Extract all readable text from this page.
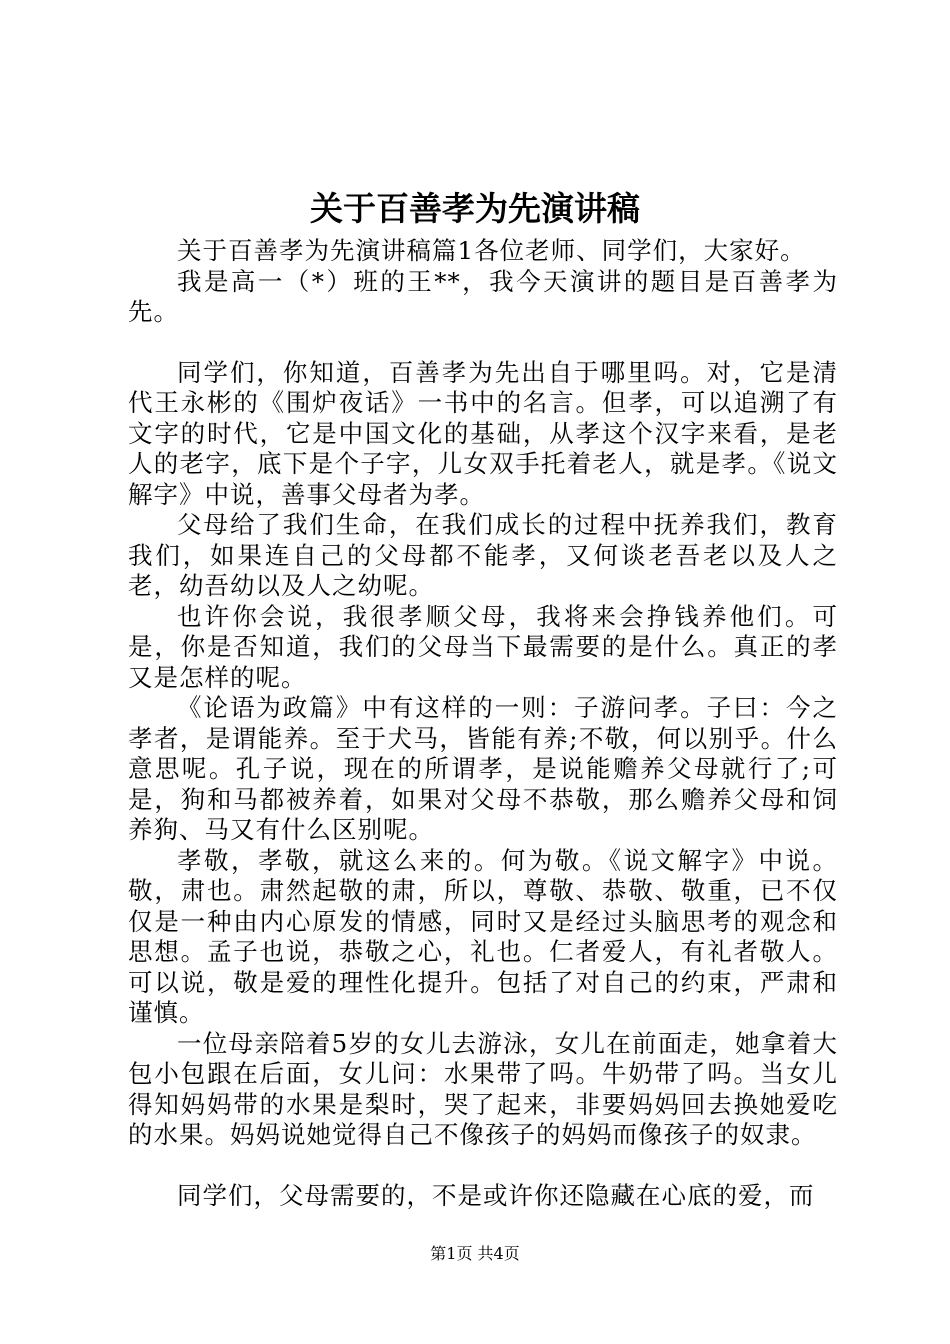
关于百善孝为先演讲稿

关于百善孝为先演讲稿篇1各位老师、同学们，大家好。

我是高一（*）班的王**，我今天演讲的题目是百善孝为先。

同学们，你知道，百善孝为先出自于哪里吗。对，它是清代王永彬的《围炉夜话》一书中的名言。但孝，可以追溯了有文字的时代，它是中国文化的基础，从孝这个汉字来看，是老人的老字，底下是个子字，儿女双手托着老人，就是孝。《说文解字》中说，善事父母者为孝。

父母给了我们生命，在我们成长的过程中抚养我们，教育我们，如果连自己的父母都不能孝，又何谈老吾老以及人之老，幼吾幼以及人之幼呢。

也许你会说，我很孝顺父母，我将来会挣钱养他们。可是，你是否知道，我们的父母当下最需要的是什么。真正的孝又是怎样的呢。

《论语为政篇》中有这样的一则：子游问孝。子曰：今之孝者，是谓能养。至于犬马，皆能有养;不敬，何以别乎。什么意思呢。孔子说，现在的所谓孝，是说能赡养父母就行了;可是，狗和马都被养着，如果对父母不恭敬，那么赡养父母和饲养狗、马又有什么区别呢。

孝敬，孝敬，就这么来的。何为敬。《说文解字》中说。敬，肃也。肃然起敬的肃，所以，尊敬、恭敬、敬重，已不仅仅是一种由内心原发的情感，同时又是经过头脑思考的观念和思想。孟子也说，恭敬之心，礼也。仁者爱人，有礼者敬人。可以说，敬是爱的理性化提升。包括了对自己的约束，严肃和谨慎。

一位母亲陪着5岁的女儿去游泳，女儿在前面走，她拿着大包小包跟在后面，女儿问：水果带了吗。牛奶带了吗。当女儿得知妈妈带的水果是梨时，哭了起来，非要妈妈回去换她爱吃的水果。妈妈说她觉得自己不像孩子的妈妈而像孩子的奴隶。

同学们，父母需要的，不是或许你还隐藏在心底的爱，而

第1页 共4页
